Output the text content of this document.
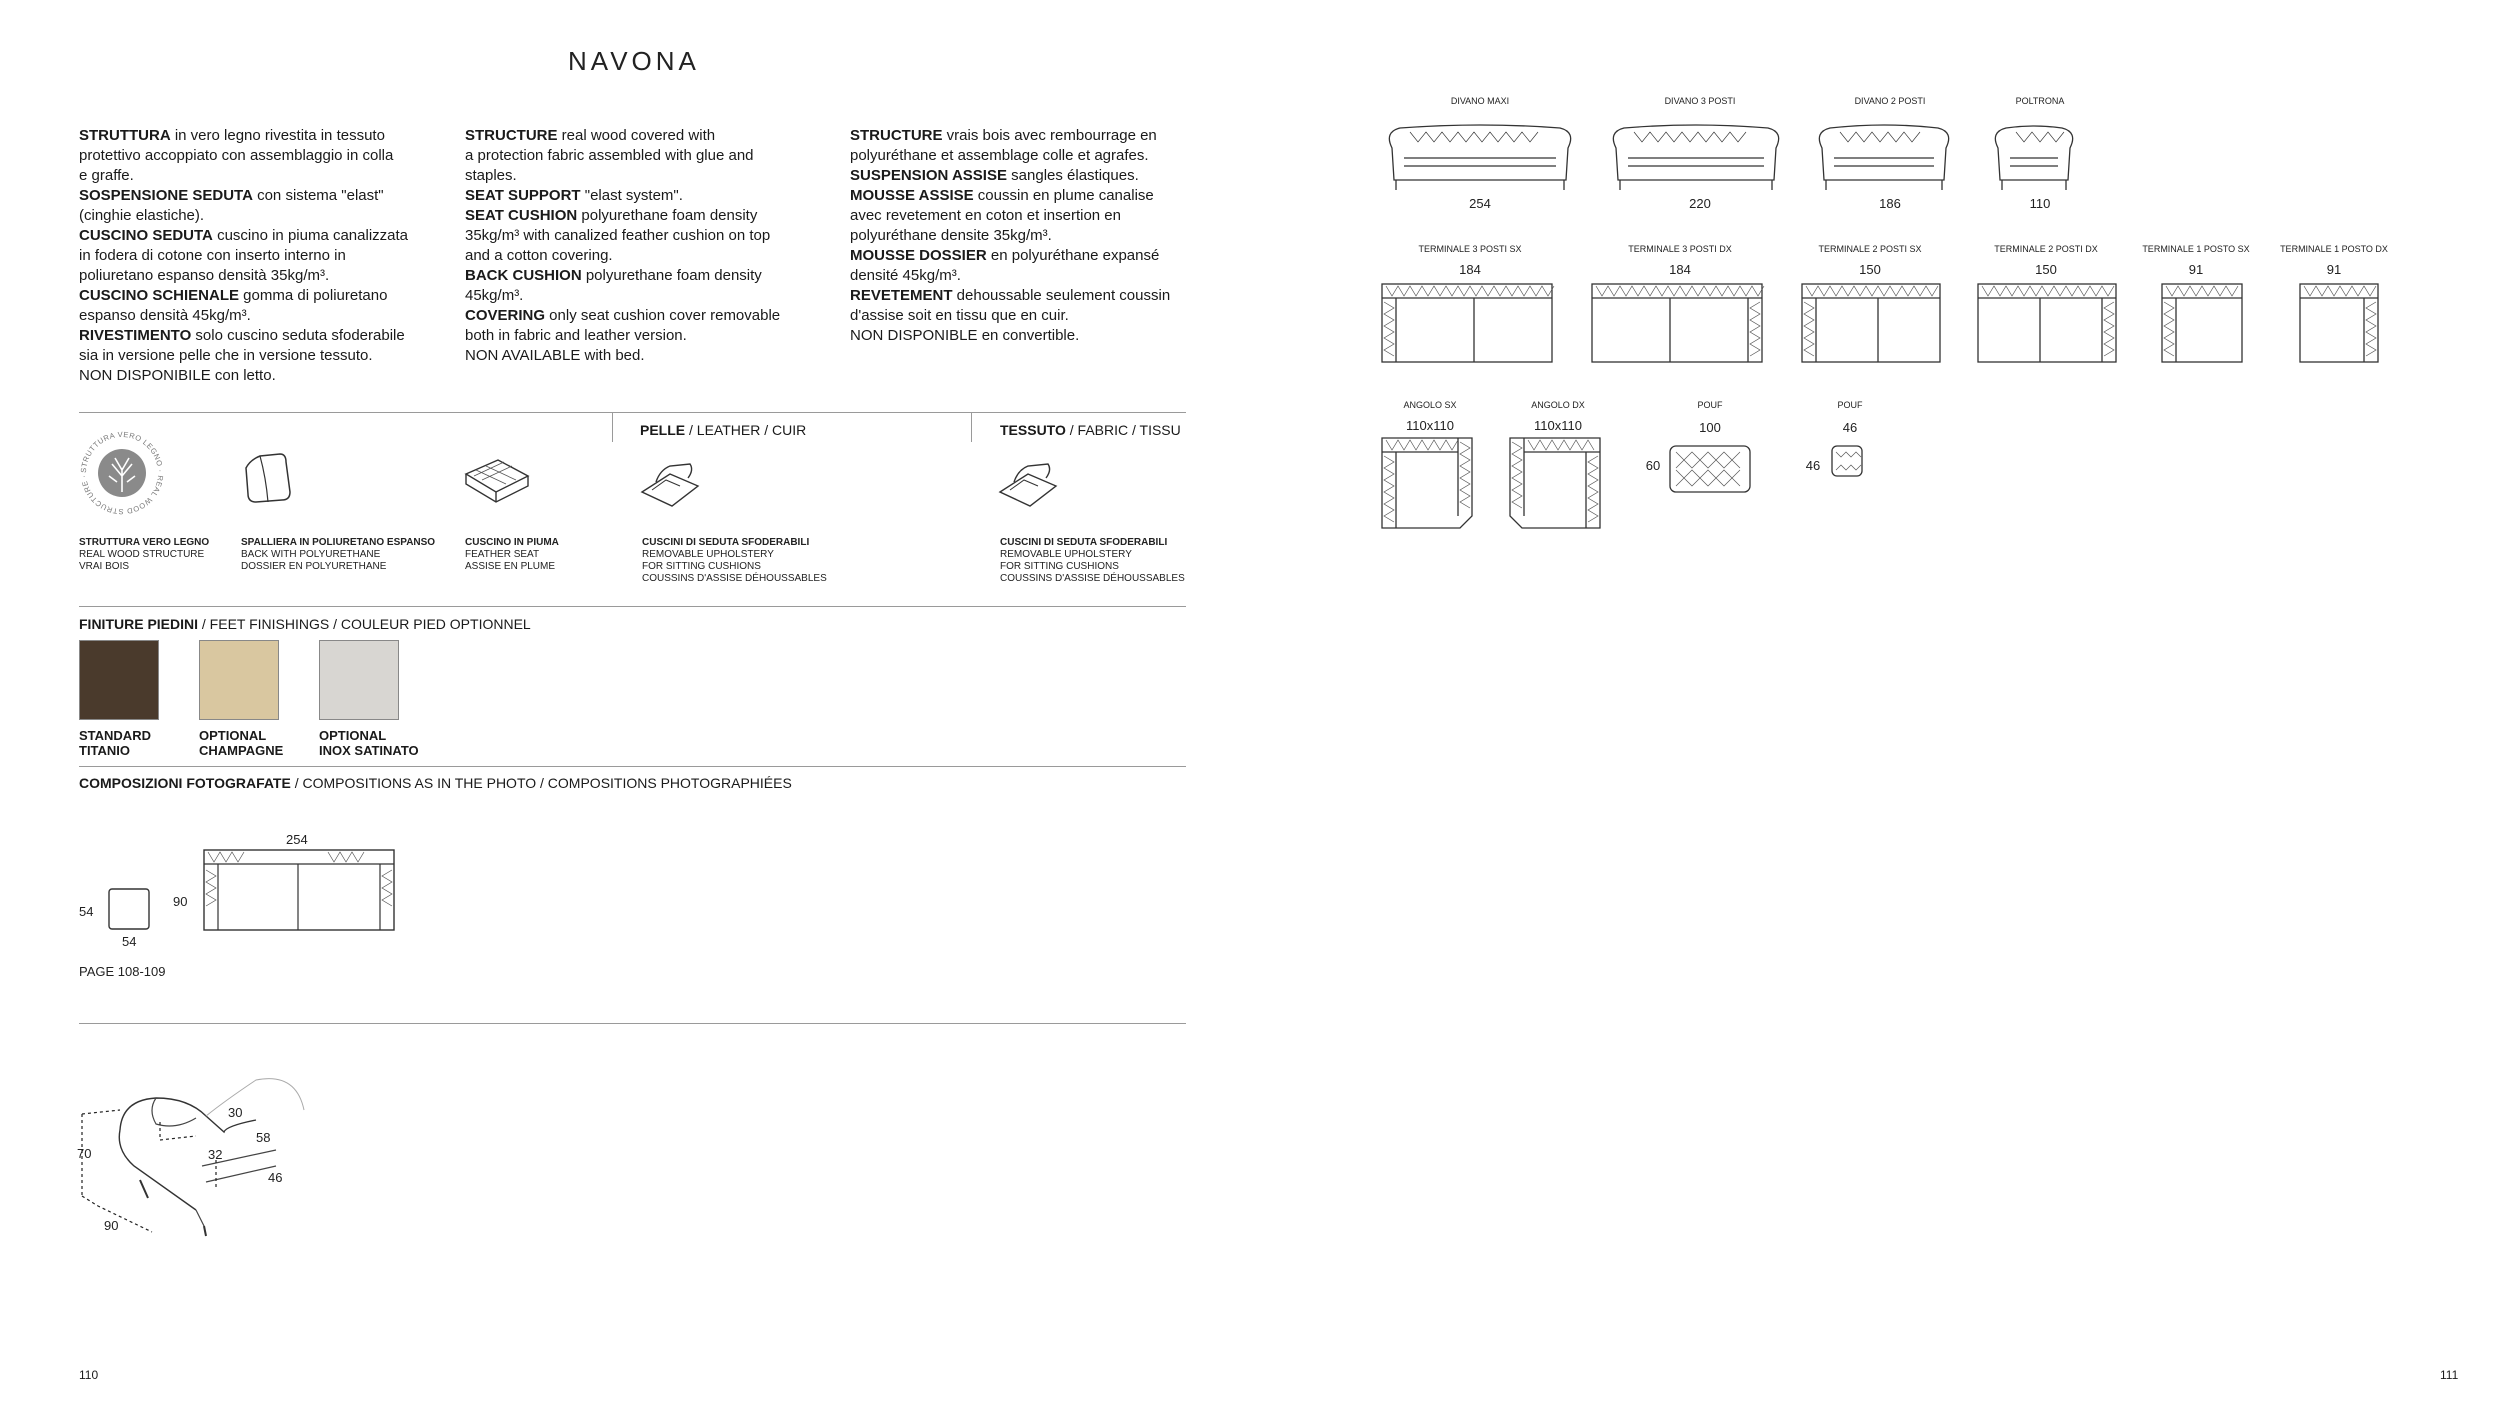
NAVONA
STRUTTURA in vero legno rivestita in tessuto
protettivo accoppiato con assemblaggio in colla
e graffe.
SOSPENSIONE SEDUTA con sistema "elast"
(cinghie elastiche).
CUSCINO SEDUTA cuscino in piuma canalizzata
in fodera di cotone con inserto interno in
poliuretano espanso densità 35kg/m³.
CUSCINO SCHIENALE gomma di poliuretano
espanso densità 45kg/m³.
RIVESTIMENTO solo cuscino seduta sfoderabile
sia in versione pelle che in versione tessuto.
NON DISPONIBILE con letto.
STRUCTURE real wood covered with
a protection fabric assembled with glue and
staples.
SEAT SUPPORT "elast system".
SEAT CUSHION polyurethane foam density
35kg/m³ with canalized feather cushion on top
and a cotton covering.
BACK CUSHION polyurethane foam density
45kg/m³.
COVERING only seat cushion cover removable
both in fabric and leather version.
NON AVAILABLE with bed.
STRUCTURE vrais bois avec rembourrage en
polyuréthane et assemblage colle et agrafes.
SUSPENSION ASSISE sangles élastiques.
MOUSSE ASSISE coussin en plume canalise
avec revetement en coton et insertion en
polyuréthane densite 35kg/m³.
MOUSSE DOSSIER en polyuréthane expansé
densité 45kg/m³.
REVETEMENT dehoussable seulement coussin
d'assise soit en tissu que en cuir.
NON DISPONIBLE en convertible.
PELLE / LEATHER / CUIR	TESSUTO / FABRIC / TISSU
STRUTTURA VERO LEGNO · REAL WOOD STRUCTURE ·
STRUTTURA VERO LEGNO
REAL WOOD STRUCTURE
VRAI BOIS
SPALLIERA IN POLIURETANO ESPANSO
BACK WITH POLYURETHANE
DOSSIER EN POLYURETHANE
CUSCINO IN PIUMA
FEATHER SEAT
ASSISE EN PLUME
CUSCINI DI SEDUTA SFODERABILI
REMOVABLE UPHOLSTERY
FOR SITTING CUSHIONS
COUSSINS D'ASSISE DÉHOUSSABLES
CUSCINI DI SEDUTA SFODERABILI
REMOVABLE UPHOLSTERY
FOR SITTING CUSHIONS
COUSSINS D'ASSISE DÉHOUSSABLES
FINITURE PIEDINI / FEET FINISHINGS / COULEUR PIED OPTIONNEL
STANDARD
TITANIO
OPTIONAL
CHAMPAGNE
OPTIONAL
INOX SATINATO
COMPOSIZIONI FOTOGRAFATE / COMPOSITIONS AS IN THE PHOTO / COMPOSITIONS PHOTOGRAPHIÉES
54
54
90
254
PAGE 108-109
70
30
58
32
46
90
DIVANO MAXI	DIVANO 3 POSTI	DIVANO 2 POSTI	POLTRONA
254	220	186	110
TERMINALE 3 POSTI SX	TERMINALE 3 POSTI DX	TERMINALE 2 POSTI SX	TERMINALE 2 POSTI DX	TERMINALE 1 POSTO SX	TERMINALE 1 POSTO DX
184	184	150	150	91	91
ANGOLO SX	ANGOLO DX	POUF	POUF
110x110	110x110	100	46
60	46
110	111
